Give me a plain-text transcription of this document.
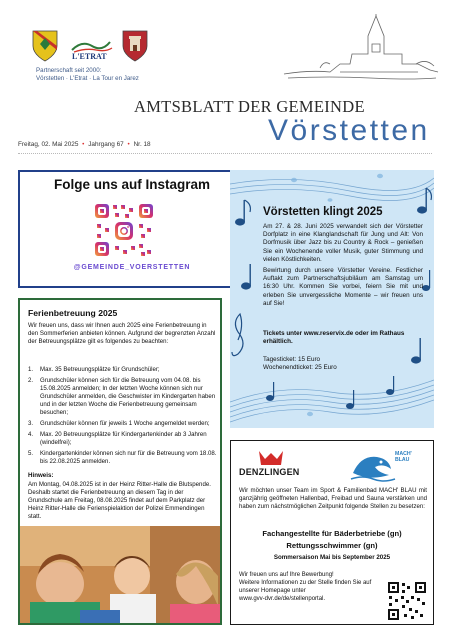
L'ETRAT
Partnerschaft seit 2000:
Vörstetten · L'Etrat · La Tour en Jarez
AMTSBLATT DER GEMEINDE
Vörstetten
Freitag, 02. Mai 2025 • Jahrgang 67 • Nr. 18
Folge uns auf Instagram
@GEMEINDE_VOERSTETTEN
Vörstetten klingt 2025

Am 27. & 28. Juni 2025 verwandelt sich der Vörstetter Dorfplatz in eine Klanglandschaft für Jung und Alt: Von Dorfmusik über Jazz bis zu Country & Rock – genießen Sie ein Wochenende voller Musik, guter Stimmung und vielen Köstlichkeiten.

Bewirtung durch unsere Vörstetter Vereine. Festlicher Auftakt zum Partnerschaftsjubiläum am Samstag um 16:30 Uhr. Kommen Sie vorbei, feiern Sie mit und erleben Sie unvergessliche Momente – wir freuen uns auf Sie!

Tickets unter www.reservix.de oder im Rathaus erhältlich.
Tagesticket: 15 Euro
Wochenendticket: 25 Euro
Ferienbetreuung 2025
Wir freuen uns, dass wir Ihnen auch 2025 eine Ferienbetreuung in den Sommerferien anbieten können. Aufgrund der begrenzten Anzahl der Betreuungsplätze gilt es folgendes zu beachten:
1. Max. 35 Betreuungsplätze für Grundschüler;
2. Grundschüler können sich für die Betreuung vom 04.08. bis 15.08.2025 anmelden; In der letzten Woche können sich nur Grundschüler anmelden, die Geschwister im Kindergarten haben und in der letzten Woche die Ferienbetreuung gemeinsam besuchen;
3. Grundschüler können für jeweils 1 Woche angemeldet werden;
4. Max. 20 Betreuungsplätze für Kindergartenkinder ab 3 Jahren (windelfrei);
5. Kindergartenkinder können sich nur für die Betreuung vom 18.08. bis 22.08.2025 anmelden.
Hinweis:
Am Montag, 04.08.2025 ist in der Heinz Ritter-Halle die Blutspende. Deshalb startet die Ferienbetreuung an diesem Tag in der Grundschule am Freitag, 08.08.2025 findet auf dem Parkplatz der Heinz Ritter-Halle die Ferienspielaktion der Polizei Emmendingen statt.
DENZLINGEN
MACH'
BLAU
Wir möchten unser Team im Sport & Familienbad MACH' BLAU mit ganzjährig geöffneten Hallenbad, Freibad und Sauna verstärken und haben zum nächstmöglichen Zeitpunkt folgende Stellen zu besetzen:
Fachangestellte für Bäderbetriebe (gn)
Rettungsschwimmer (gn)
Sommersaison Mai bis September 2025
Wir freuen uns auf Ihre Bewerbung!
Weitere Informationen zu der Stelle finden Sie auf unserer Homepage unter
www.gvv-dvr.de/de/stellenportal.
